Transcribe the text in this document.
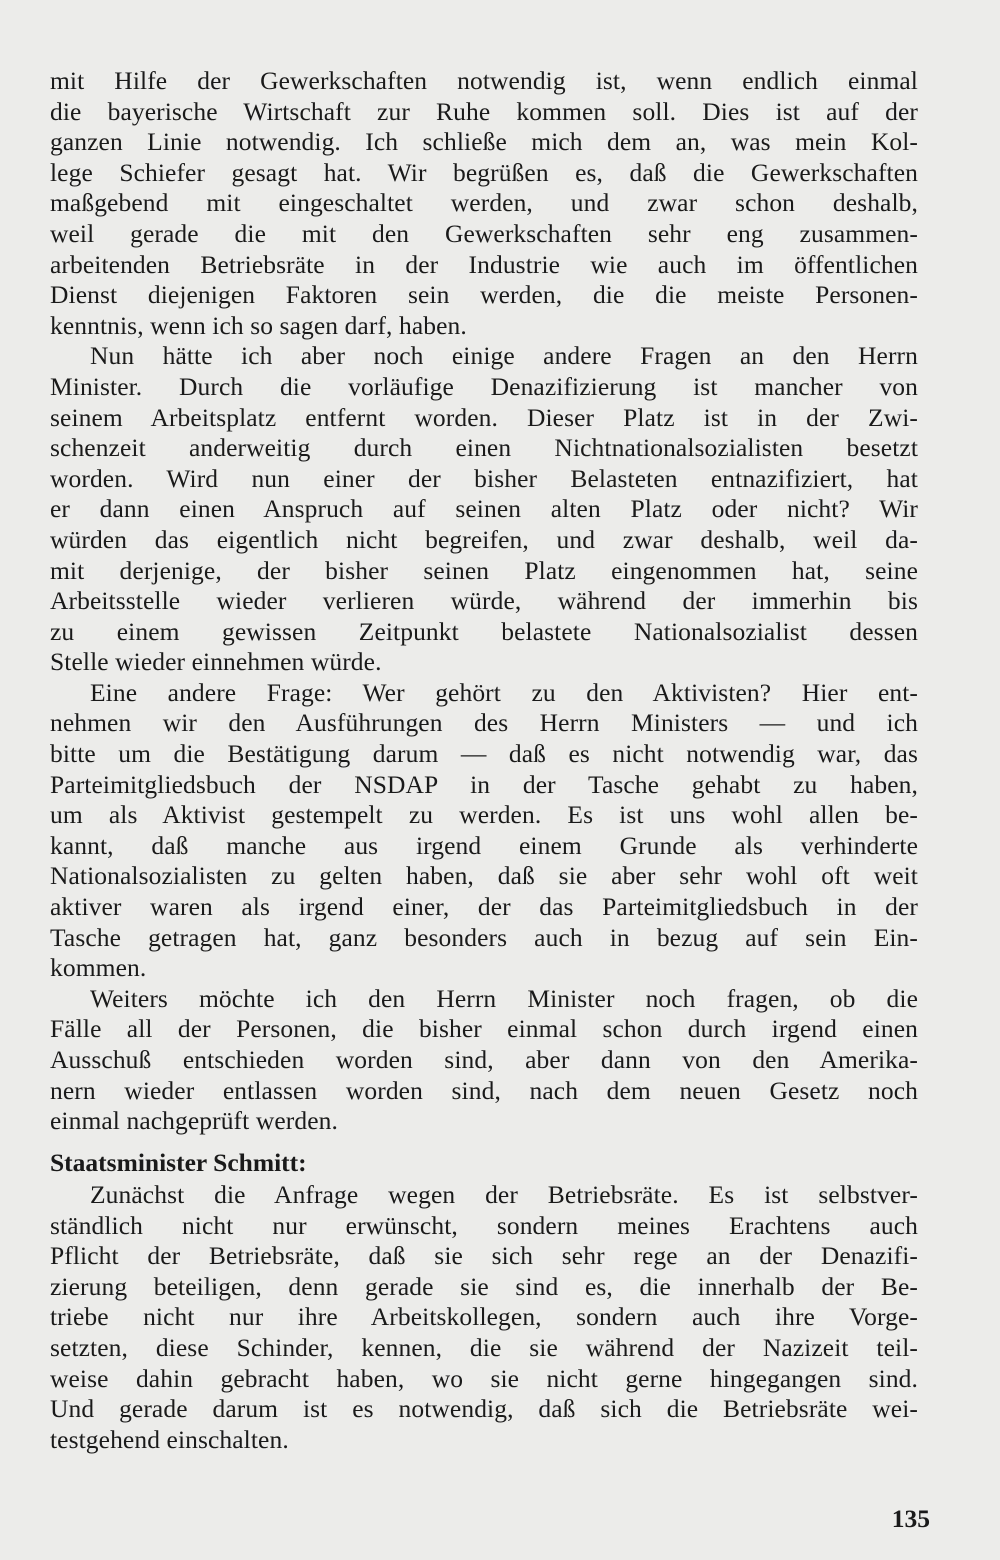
mit Hilfe der Gewerkschaften notwendig ist, wenn endlich einmal
die bayerische Wirtschaft zur Ruhe kommen soll. Dies ist auf der
ganzen Linie notwendig. Ich schließe mich dem an, was mein Kol-
lege Schiefer gesagt hat. Wir begrüßen es, daß die Gewerkschaften
maßgebend mit eingeschaltet werden, und zwar schon deshalb,
weil gerade die mit den Gewerkschaften sehr eng zusammen-
arbeitenden Betriebsräte in der Industrie wie auch im öffentlichen
Dienst diejenigen Faktoren sein werden, die die meiste Personen-
kenntnis, wenn ich so sagen darf, haben.
Nun hätte ich aber noch einige andere Fragen an den Herrn
Minister. Durch die vorläufige Denazifizierung ist mancher von
seinem Arbeitsplatz entfernt worden. Dieser Platz ist in der Zwi-
schenzeit anderweitig durch einen Nichtnationalsozialisten besetzt
worden. Wird nun einer der bisher Belasteten entnazifiziert, hat
er dann einen Anspruch auf seinen alten Platz oder nicht? Wir
würden das eigentlich nicht begreifen, und zwar deshalb, weil da-
mit derjenige, der bisher seinen Platz eingenommen hat, seine
Arbeitsstelle wieder verlieren würde, während der immerhin bis
zu einem gewissen Zeitpunkt belastete Nationalsozialist dessen
Stelle wieder einnehmen würde.
Eine andere Frage: Wer gehört zu den Aktivisten? Hier ent-
nehmen wir den Ausführungen des Herrn Ministers — und ich
bitte um die Bestätigung darum — daß es nicht notwendig war, das
Parteimitgliedsbuch der NSDAP in der Tasche gehabt zu haben,
um als Aktivist gestempelt zu werden. Es ist uns wohl allen be-
kannt, daß manche aus irgend einem Grunde als verhinderte
Nationalsozialisten zu gelten haben, daß sie aber sehr wohl oft weit
aktiver waren als irgend einer, der das Parteimitgliedsbuch in der
Tasche getragen hat, ganz besonders auch in bezug auf sein Ein-
kommen.
Weiters möchte ich den Herrn Minister noch fragen, ob die
Fälle all der Personen, die bisher einmal schon durch irgend einen
Ausschuß entschieden worden sind, aber dann von den Amerika-
nern wieder entlassen worden sind, nach dem neuen Gesetz noch
einmal nachgeprüft werden.
Staatsminister Schmitt:
Zunächst die Anfrage wegen der Betriebsräte. Es ist selbstver-
ständlich nicht nur erwünscht, sondern meines Erachtens auch
Pflicht der Betriebsräte, daß sie sich sehr rege an der Denazifi-
zierung beteiligen, denn gerade sie sind es, die innerhalb der Be-
triebe nicht nur ihre Arbeitskollegen, sondern auch ihre Vorge-
setzten, diese Schinder, kennen, die sie während der Nazizeit teil-
weise dahin gebracht haben, wo sie nicht gerne hingegangen sind.
Und gerade darum ist es notwendig, daß sich die Betriebsräte wei-
testgehend einschalten.
135
